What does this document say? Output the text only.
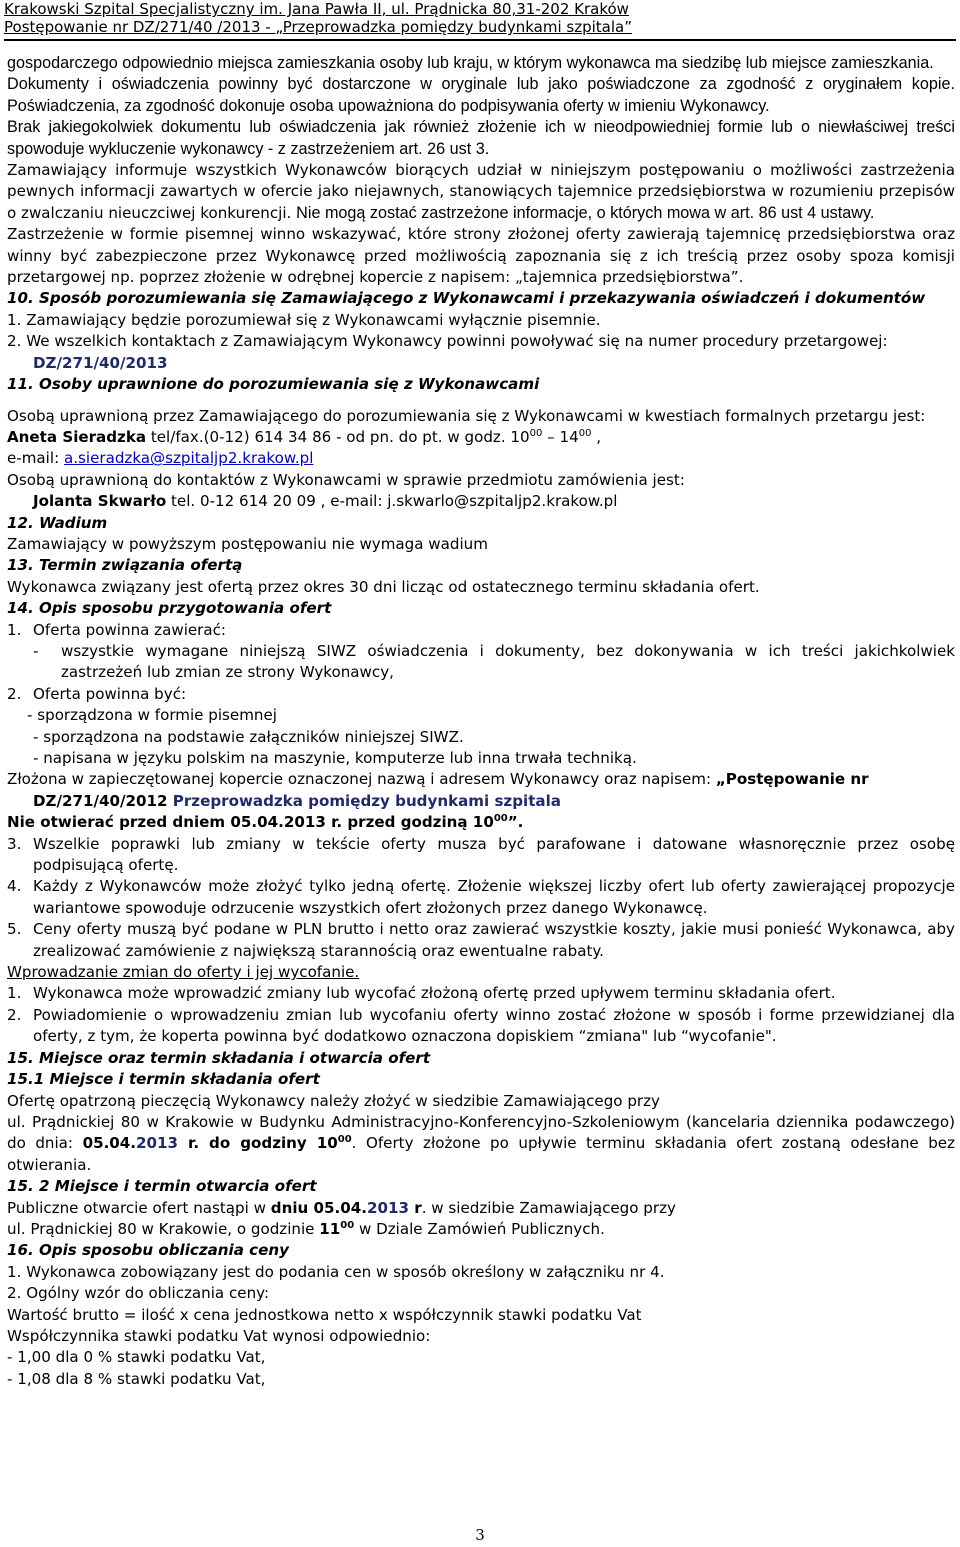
Krakowski Szpital Specjalistyczny im. Jana Pawła II, ul. Prądnicka 80,31-202 Kraków
Postępowanie nr DZ/271/40 /2013 - „Przeprowadzka pomiędzy budynkami szpitala”

gospodarczego odpowiednio miejsca zamieszkania osoby lub kraju, w którym wykonawca ma siedzibę lub miejsce zamieszkania.

Dokumenty i oświadczenia powinny być dostarczone w oryginale lub jako poświadczone za zgodność z oryginałem kopie. Poświadczenia, za zgodność dokonuje osoba upoważniona do podpisywania oferty w imieniu Wykonawcy.

Brak jakiegokolwiek dokumentu lub oświadczenia jak również złożenie ich w nieodpowiedniej formie lub o niewłaściwej treści spowoduje wykluczenie wykonawcy - z zastrzeżeniem art. 26 ust 3.

Zamawiający informuje wszystkich Wykonawców biorących udział w niniejszym postępowaniu o możliwości zastrzeżenia pewnych informacji zawartych w ofercie jako niejawnych, stanowiących tajemnice przedsiębiorstwa w rozumieniu przepisów o zwalczaniu nieuczciwej konkurencji. Nie mogą zostać zastrzeżone informacje, o których mowa w art. 86 ust 4 ustawy.

Zastrzeżenie w formie pisemnej winno wskazywać, które strony złożonej oferty zawierają tajemnicę przedsiębiorstwa oraz winny być zabezpieczone przez Wykonawcę przed możliwością zapoznania się z ich treścią przez osoby spoza komisji przetargowej np. poprzez złożenie w odrębnej kopercie z napisem: „tajemnica przedsiębiorstwa”.

10. Sposób porozumiewania się Zamawiającego z Wykonawcami i przekazywania oświadczeń i dokumentów

1. Zamawiający będzie porozumiewał się z Wykonawcami wyłącznie pisemnie.

2. We wszelkich kontaktach z Zamawiającym Wykonawcy powinni powoływać się na numer procedury przetargowej:

DZ/271/40/2013

11. Osoby uprawnione do porozumiewania się z Wykonawcami

Osobą uprawnioną przez Zamawiającego do porozumiewania się z Wykonawcami w kwestiach formalnych przetargu jest:

Aneta Sieradzka tel/fax.(0-12) 614 34 86 - od pn. do pt. w godz. $10^{00} - 14^{00}$ ,

e-mail: a.sieradzka@szpitaljp2.krakow.pl

Osobą uprawnioną do kontaktów z Wykonawcami w sprawie przedmiotu zamówienia jest:

Jolanta Skwarło tel. 0-12 614 20 09 , e-mail: j.skwarlo@szpitaljp2.krakow.pl

12. Wadium

Zamawiający w powyższym postępowaniu nie wymaga wadium

13. Termin związania ofertą

Wykonawca związany jest ofertą przez okres 30 dni licząc od ostatecznego terminu składania ofert.

14. Opis sposobu przygotowania ofert

1. Oferta powinna zawierać:
-	wszystkie wymagane niniejszą SIWZ oświadczenia i dokumenty, bez dokonywania w ich treści jakichkolwiek zastrzeżeń lub zmian ze strony Wykonawcy,
2. Oferta powinna być:

- sporządzona w formie pisemnej

- sporządzona na podstawie załączników niniejszej SIWZ.

- napisana w języku polskim na maszynie, komputerze lub inna trwała techniką.

Złożona w zapieczętowanej kopercie oznaczonej nazwą i adresem Wykonawcy oraz napisem: „Postępowanie nr

DZ/271/40/2012 Przeprowadzka pomiędzy budynkami szpitala

Nie otwierać przed dniem 05.04.2013 r. przed godziną $10^{00}$”.

3. Wszelkie poprawki lub zmiany w tekście oferty musza być parafowane i datowane własnoręcznie przez osobę podpisującą ofertę.
4. Każdy z Wykonawców może złożyć tylko jedną ofertę. Złożenie większej liczby ofert lub oferty zawierającej propozycje wariantowe spowoduje odrzucenie wszystkich ofert złożonych przez danego Wykonawcę.
5. Ceny oferty muszą być podane w PLN brutto i netto oraz zawierać wszystkie koszty, jakie musi ponieść Wykonawca, aby zrealizować zamówienie z największą starannością oraz ewentualne rabaty.

Wprowadzanie zmian do oferty i jej wycofanie.

1. Wykonawca może wprowadzić zmiany lub wycofać złożoną ofertę przed upływem terminu składania ofert.
2. Powiadomienie o wprowadzeniu zmian lub wycofaniu oferty winno zostać złożone w sposób i forme przewidzianej dla oferty, z tym, że koperta powinna być dodatkowo oznaczona dopiskiem “zmiana" lub “wycofanie".

15. Miejsce oraz termin składania i otwarcia ofert

15.1 Miejsce i termin składania ofert

Ofertę opatrzoną pieczęcią Wykonawcy należy złożyć w siedzibie Zamawiającego przy

ul. Prądnickiej 80 w Krakowie w Budynku Administracyjno-Konferencyjno-Szkoleniowym (kancelaria dziennika podawczego) do dnia: 05.04.2013 r. do godziny $10^{00}$. Oferty złożone po upływie terminu składania ofert zostaną odesłane bez otwierania.

15. 2 Miejsce i termin otwarcia ofert

Publiczne otwarcie ofert nastąpi w dniu 05.04.2013 r. w siedzibie Zamawiającego przy

ul. Prądnickiej 80 w Krakowie, o godzinie $11^{00}$ w Dziale Zamówień Publicznych.

16. Opis sposobu obliczania ceny

1. Wykonawca zobowiązany jest do podania cen w sposób określony w załączniku nr 4.

2. Ogólny wzór do obliczania ceny:

Wartość brutto = ilość x cena jednostkowa netto x współczynnik stawki podatku Vat

Współczynnika stawki podatku Vat wynosi odpowiednio:

- 1,00 dla 0 % stawki podatku Vat,

- 1,08 dla 8 % stawki podatku Vat,

3
